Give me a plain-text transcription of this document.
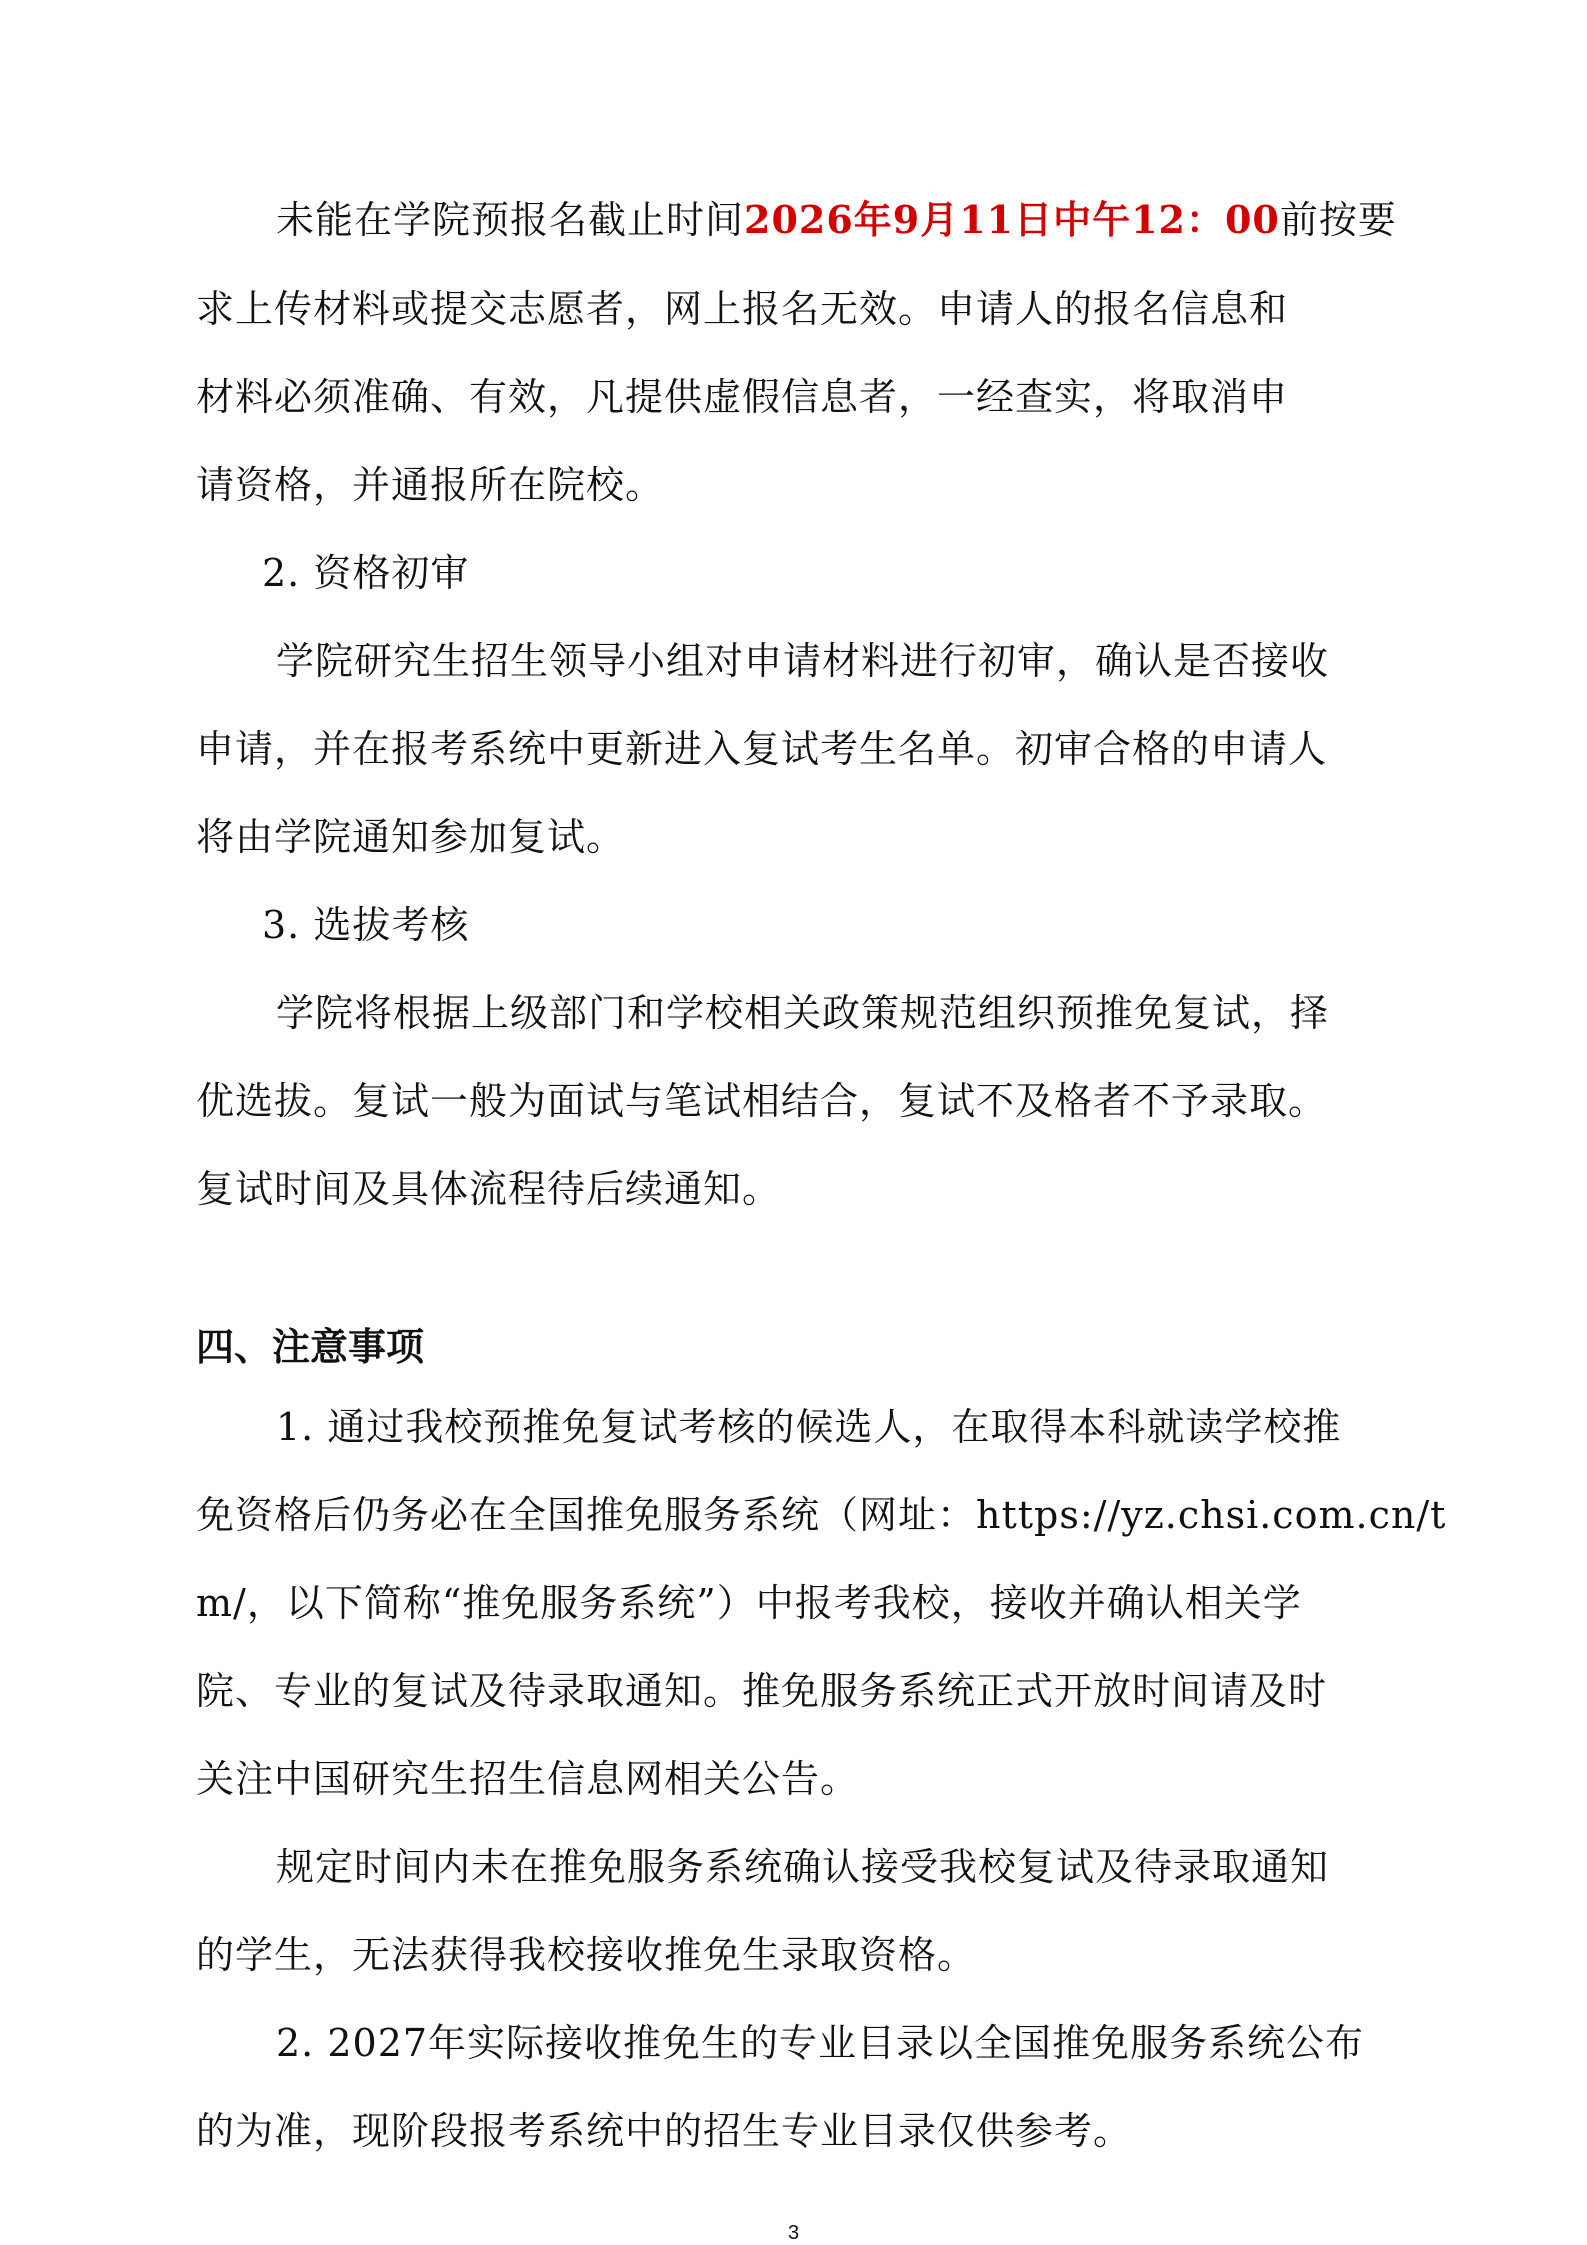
未能在学院预报名截止时间2026年9月11日中午12：00前按要
求上传材料或提交志愿者，网上报名无效。申请人的报名信息和
材料必须准确、有效，凡提供虚假信息者，一经查实，将取消申
请资格，并通报所在院校。
2. 资格初审
学院研究生招生领导小组对申请材料进行初审，确认是否接收
申请，并在报考系统中更新进入复试考生名单。初审合格的申请人
将由学院通知参加复试。
3. 选拔考核
学院将根据上级部门和学校相关政策规范组织预推免复试，择
优选拔。复试一般为面试与笔试相结合，复试不及格者不予录取。
复试时间及具体流程待后续通知。
四、注意事项
1. 通过我校预推免复试考核的候选人，在取得本科就读学校推
免资格后仍务必在全国推免服务系统（网址：https://yz.chsi.com.cn/t
m/，以下简称“推免服务系统”）中报考我校，接收并确认相关学
院、专业的复试及待录取通知。推免服务系统正式开放时间请及时
关注中国研究生招生信息网相关公告。
规定时间内未在推免服务系统确认接受我校复试及待录取通知
的学生，无法获得我校接收推免生录取资格。
2. 2027年实际接收推免生的专业目录以全国推免服务系统公布
的为准，现阶段报考系统中的招生专业目录仅供参考。
3
